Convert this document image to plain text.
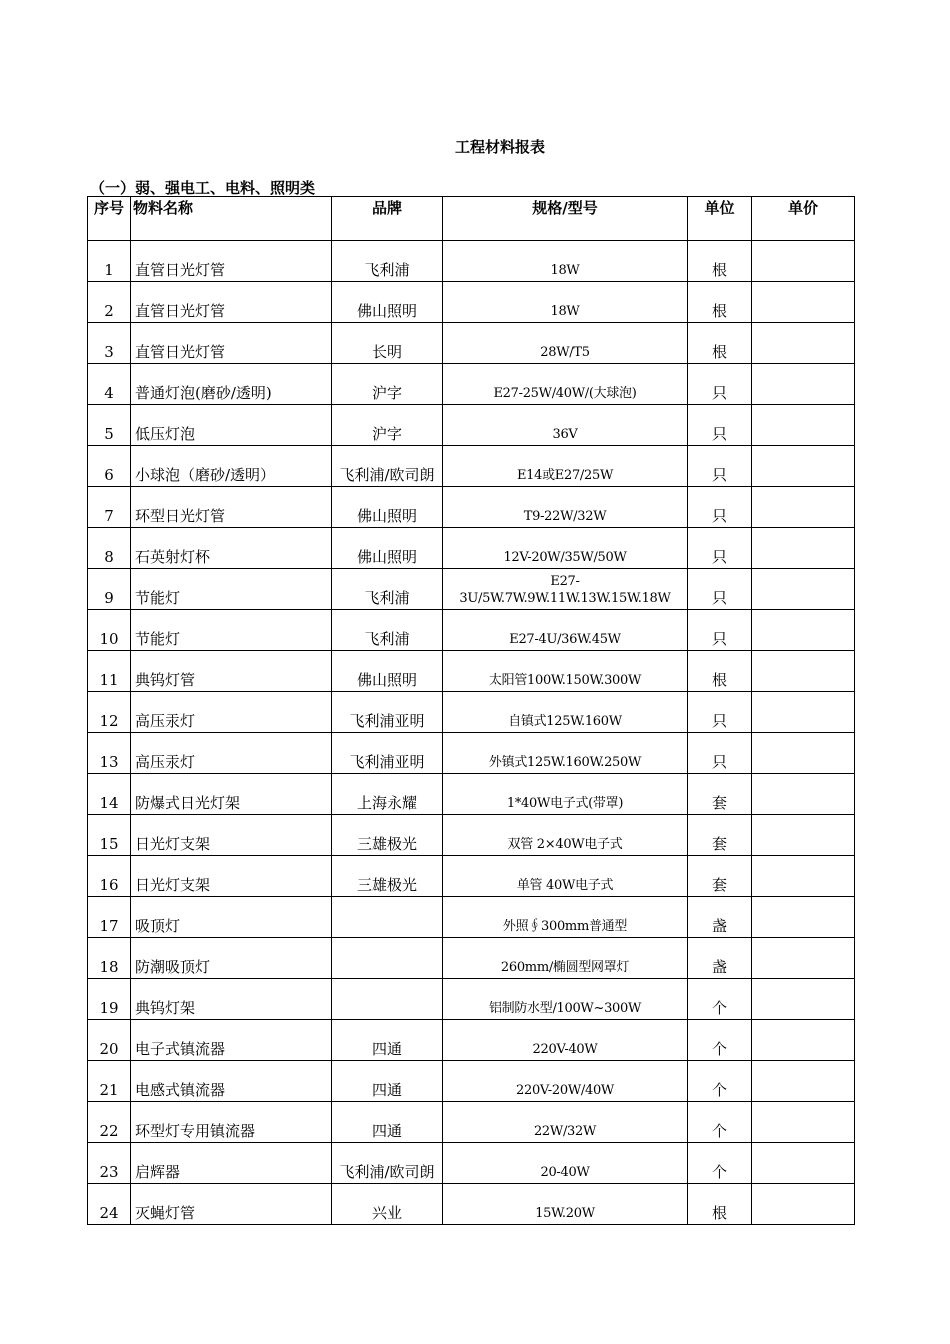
工程材料报表
（一）弱、强电工、电料、照明类
序号	物料名称	品牌	规格/型号	单位	单价
1	直管日光灯管	飞利浦	18W	根	
2	直管日光灯管	佛山照明	18W	根	
3	直管日光灯管	长明	28W/T5	根	
4	普通灯泡(磨砂/透明)	沪字	E27-25W/40W/(大球泡)	只	
5	低压灯泡	沪字	36V	只	
6	小球泡（磨砂/透明）	飞利浦/欧司朗	E14或E27/25W	只	
7	环型日光灯管	佛山照明	T9-22W/32W	只	
8	石英射灯杯	佛山照明	12V-20W/35W/50W	只	
9	节能灯	飞利浦	E27-3U/5W.7W.9W.11W.13W.15W.18W	只	
10	节能灯	飞利浦	E27-4U/36W.45W	只	
11	典钨灯管	佛山照明	太阳管100W.150W.300W	根	
12	高压汞灯	飞利浦亚明	自镇式125W.160W	只	
13	高压汞灯	飞利浦亚明	外镇式125W.160W.250W	只	
14	防爆式日光灯架	上海永耀	1*40W电子式(带罩)	套	
15	日光灯支架	三雄极光	双管 2×40W电子式	套	
16	日光灯支架	三雄极光	单管 40W电子式	套	
17	吸顶灯		外照∮300mm普通型	盏	
18	防潮吸顶灯		260mm/椭圆型网罩灯	盏	
19	典钨灯架		铝制防水型/100W~300W	个	
20	电子式镇流器	四通	220V-40W	个	
21	电感式镇流器	四通	220V-20W/40W	个	
22	环型灯专用镇流器	四通	22W/32W	个	
23	启辉器	飞利浦/欧司朗	20-40W	个	
24	灭蝇灯管	兴业	15W.20W	根	
